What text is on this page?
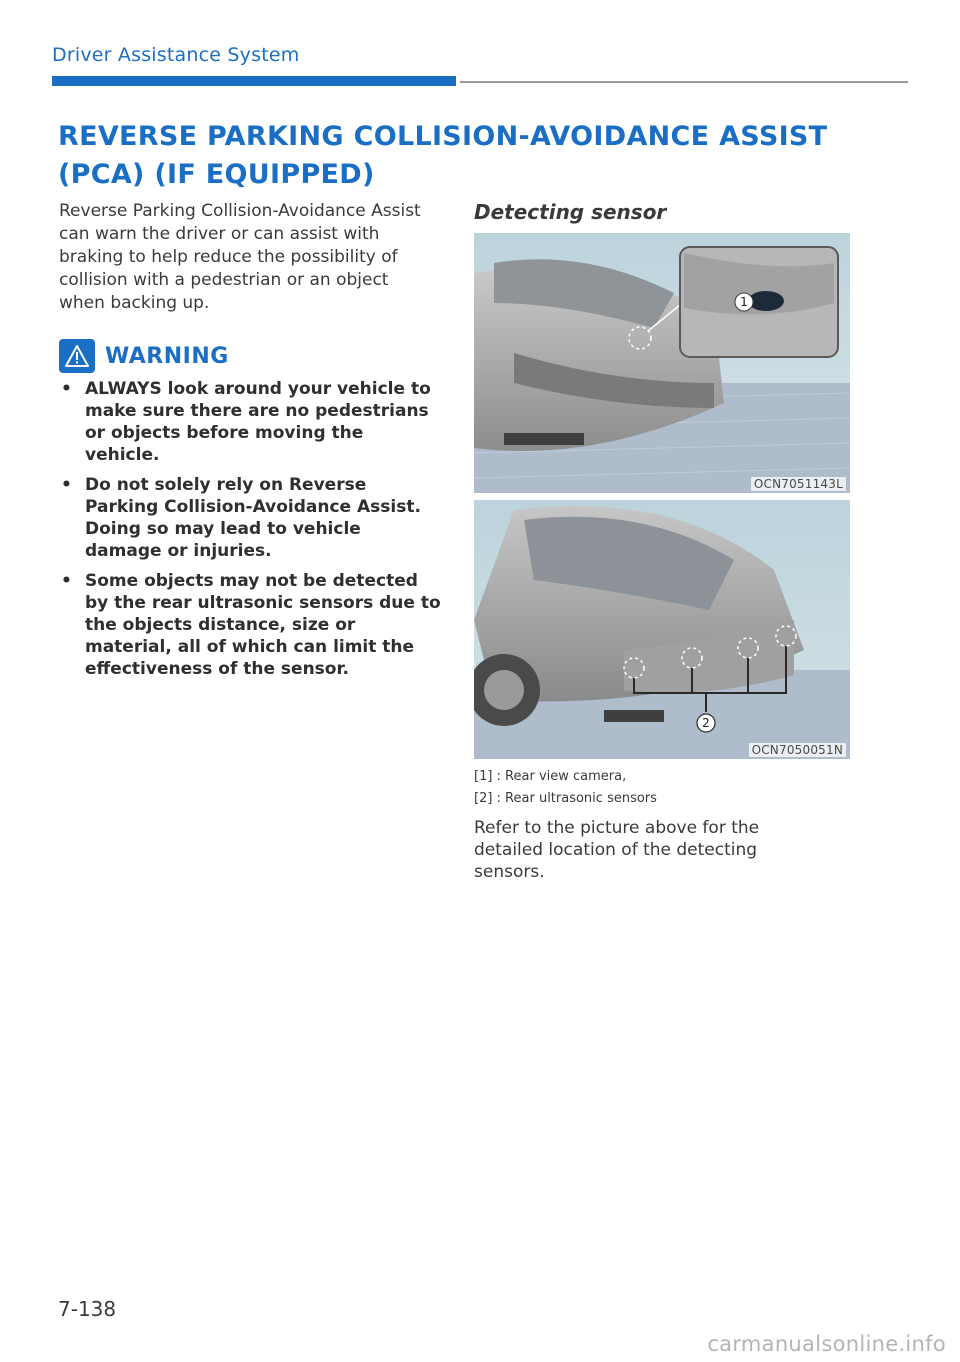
Driver Assistance System
REVERSE PARKING COLLISION-AVOIDANCE ASSIST (PCA) (IF EQUIPPED)
Reverse Parking Collision-Avoidance Assist can warn the driver or can assist with braking to help reduce the possibility of collision with a pedestrian or an object when backing up.
WARNING
• ALWAYS look around your vehicle to make sure there are no pedestrians or objects before moving the vehicle.
• Do not solely rely on Reverse Parking Collision-Avoidance Assist. Doing so may lead to vehicle damage or injuries.
• Some objects may not be detected by the rear ultrasonic sensors due to the objects distance, size or material, all of which can limit the effectiveness of the sensor.
Detecting sensor
1
OCN7051143L
2
OCN7050051N
[1] : Rear view camera,
[2] : Rear ultrasonic sensors
Refer to the picture above for the detailed location of the detecting sensors.
7-138
carmanualsonline.info
